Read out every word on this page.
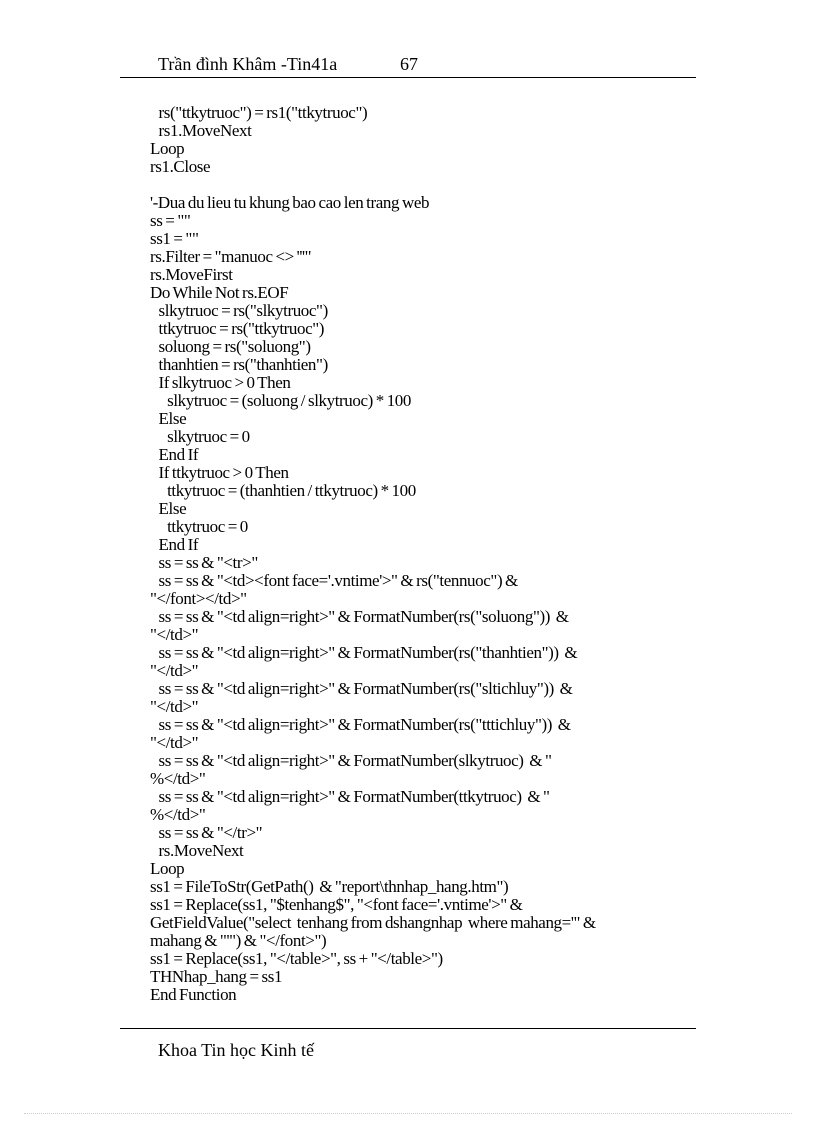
Trần đình Khâm -Tin41a	67
rs("ttkytruoc") = rs1("ttkytruoc")
rs1.MoveNext
Loop
rs1.Close
'-Dua du lieu tu khung bao cao len trang web
ss = ""
ss1 = ""
rs.Filter = "manuoc <> '''"
rs.MoveFirst
Do While Not rs.EOF
slkytruoc = rs("slkytruoc")
ttkytruoc = rs("ttkytruoc")
soluong = rs("soluong")
thanhtien = rs("thanhtien")
If slkytruoc > 0 Then
slkytruoc = (soluong / slkytruoc) * 100
Else
slkytruoc = 0
End If
If ttkytruoc > 0 Then
ttkytruoc = (thanhtien / ttkytruoc) * 100
Else
ttkytruoc = 0
End If
ss = ss & "<tr>"
ss = ss & "<td><font face='.vntime'>" & rs("tennuoc") &
"</font></td>"
ss = ss & "<td align=right>" & FormatNumber(rs("soluong"))  &
"</td>"
ss = ss & "<td align=right>" & FormatNumber(rs("thanhtien"))  &
"</td>"
ss = ss & "<td align=right>" & FormatNumber(rs("sltichluy"))  &
"</td>"
ss = ss & "<td align=right>" & FormatNumber(rs("tttichluy"))  &
"</td>"
ss = ss & "<td align=right>" & FormatNumber(slkytruoc)  & "
%</td>"
ss = ss & "<td align=right>" & FormatNumber(ttkytruoc)  & "
%</td>"
ss = ss & "</tr>"
rs.MoveNext
Loop
ss1 = FileToStr(GetPath()  & "report\thnhap_hang.htm")
ss1 = Replace(ss1, "$tenhang$", "<font face='.vntime'>" &
GetFieldValue("select  tenhang from dshangnhap  where mahang='" &
mahang & "'") & "</font>")
ss1 = Replace(ss1, "</table>", ss + "</table>")
THNhap_hang = ss1
End Function
Khoa Tin học Kinh tế
